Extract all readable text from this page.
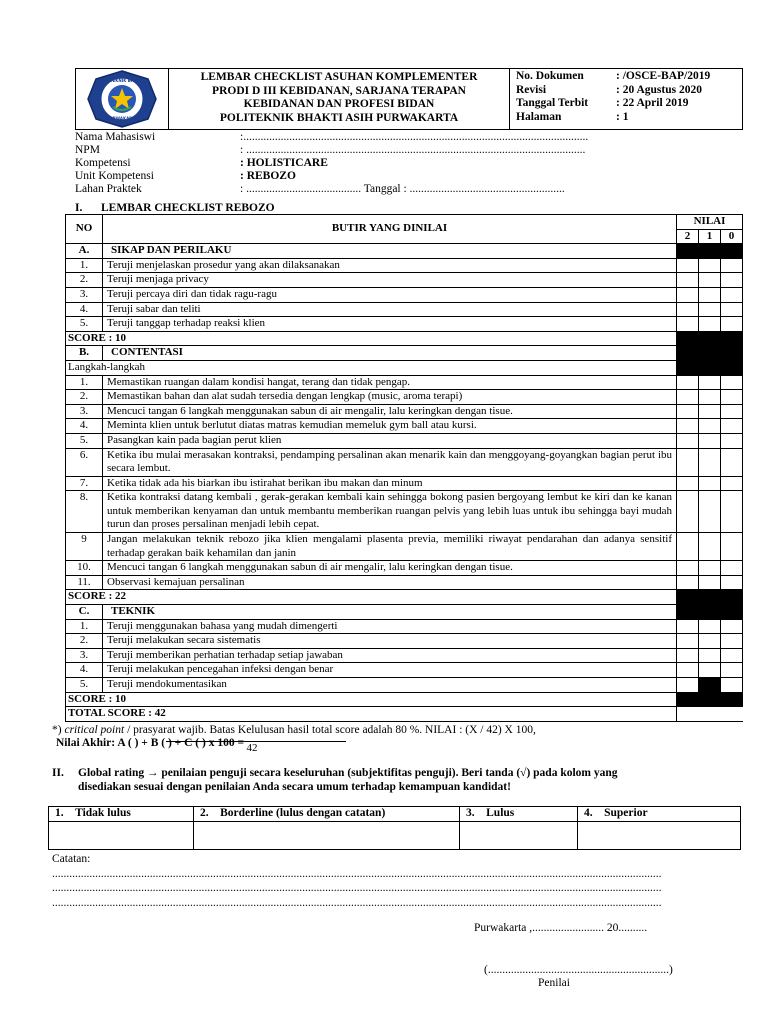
POLITEKNIK BHAKTI
PURWAKARTA
LEMBAR CHECKLIST ASUHAN KOMPLEMENTER
PRODI D III KEBIDANAN, SARJANA TERAPAN
KEBIDANAN DAN PROFESI BIDAN
POLITEKNIK BHAKTI ASIH PURWAKARTA
No. Dokumen	: /OSCE-BAP/2019
Revisi	: 20 Agustus 2020
Tanggal Terbit	: 22 April 2019
Halaman	: 1
Nama Mahasiswi	:........................................................................................................................
NPM	: ......................................................................................................................
Kompetensi	: HOLISTICARE
Unit Kompetensi	: REBOZO
Lahan Praktek	: ........................................ Tanggal : ......................................................
I. LEMBAR CHECKLIST REBOZO
NO	BUTIR YANG DINILAI	NILAI		
		2	1	0
A.	SIKAP DAN PERILAKU			
1.	Teruji menjelaskan prosedur yang akan dilaksanakan			
2.	Teruji menjaga privacy			
3.	Teruji percaya diri dan tidak ragu-ragu			
4.	Teruji sabar dan teliti			
5.	Teruji tanggap terhadap reaksi klien			
SCORE : 10				
B.	CONTENTASI			
Langkah-langkah				
1.	Memastikan ruangan dalam kondisi hangat, terang dan tidak pengap.			
2.	Memastikan bahan dan alat sudah tersedia dengan lengkap (music, aroma terapi)			
3.	Mencuci tangan 6 langkah menggunakan sabun di air mengalir, lalu keringkan dengan tisue.			
4.	Meminta klien untuk berlutut diatas matras kemudian memeluk gym ball atau kursi.			
5.	Pasangkan kain pada bagian perut klien			
6.	Ketika ibu mulai merasakan kontraksi, pendamping persalinan akan menarik kain dan menggoyang-goyangkan bagian perut ibu secara lembut.			
7.	Ketika tidak ada his biarkan ibu istirahat berikan ibu makan dan minum			
8.	Ketika kontraksi datang kembali , gerak-gerakan kembali kain sehingga bokong pasien bergoyang lembut ke kiri dan ke kanan untuk memberikan kenyaman dan untuk membantu memberikan ruangan pelvis yang lebih luas untuk ibu sehingga bayi mudah turun dan proses persalinan menjadi lebih cepat.			
9	Jangan melakukan teknik rebozo jika klien mengalami plasenta previa, memiliki riwayat pendarahan dan adanya sensitif terhadap gerakan baik kehamilan dan janin			
10.	Mencuci tangan 6 langkah menggunakan sabun di air mengalir, lalu keringkan dengan tisue.			
11.	Observasi kemajuan persalinan			
SCORE : 22				
C.	TEKNIK			
1.	Teruji menggunakan bahasa yang mudah dimengerti			
2.	Teruji melakukan secara sistematis			
3.	Teruji memberikan perhatian terhadap setiap jawaban			
4.	Teruji melakukan pencegahan infeksi dengan benar			
5.	Teruji mendokumentasikan			
SCORE : 10				
TOTAL SCORE : 42				
*) critical point / prasyarat wajib. Batas Kelulusan hasil total score adalah 80 %. NILAI : (X / 42) X 100,
Nilai Akhir: A ( ) + B ( ) + C ( ) x 100 = 42
II. Global rating → penilaian penguji secara keseluruhan (subjektifitas penguji). Beri tanda (√) pada kolom yang
disediakan sesuai dengan penilaian Anda secara umum terhadap kemampuan kandidat!
1. Tidak lulus	2. Borderline (lulus dengan catatan)	3. Lulus	4. Superior

Catatan:
....................................................................................................................................................................................................................
....................................................................................................................................................................................................................
....................................................................................................................................................................................................................
Purwakarta ,......................... 20..........
(...............................................................)
Penilai
